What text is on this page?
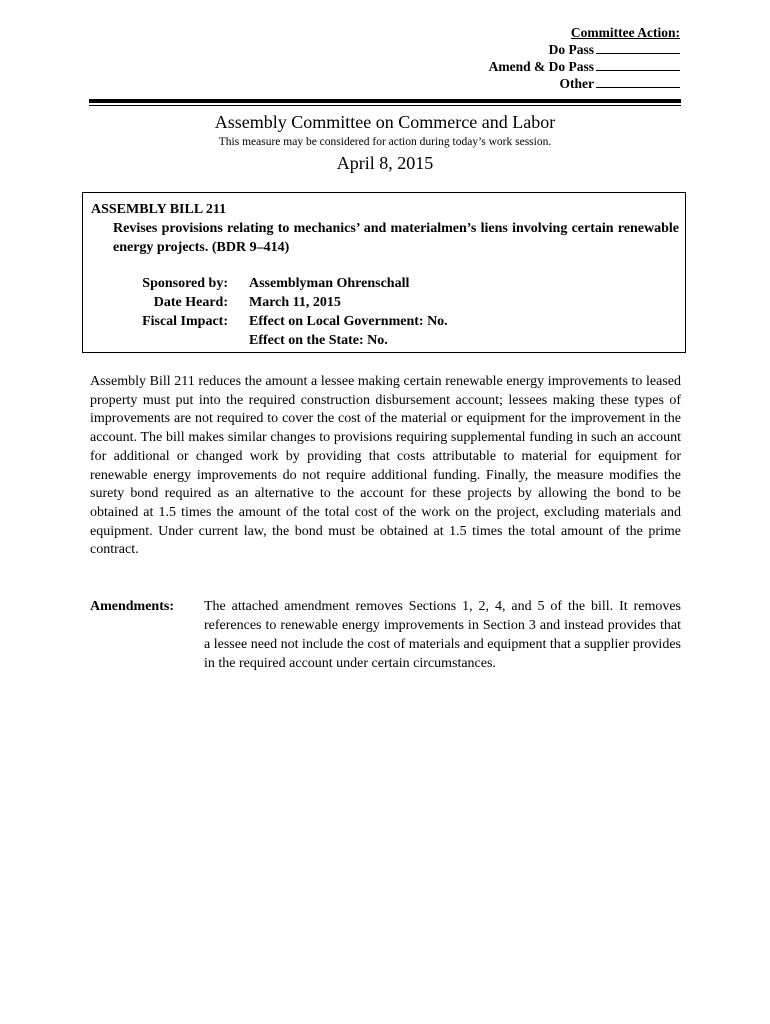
Committee Action:
Do Pass
Amend & Do Pass
Other
Assembly Committee on Commerce and Labor
This measure may be considered for action during today’s work session.
April 8, 2015
ASSEMBLY BILL 211
Revises provisions relating to mechanics’ and materialmen’s liens involving certain renewable energy projects. (BDR 9–414)
Sponsored by: Assemblyman Ohrenschall
Date Heard: March 11, 2015
Fiscal Impact: Effect on Local Government: No.
Effect on the State: No.
Assembly Bill 211 reduces the amount a lessee making certain renewable energy improvements to leased property must put into the required construction disbursement account; lessees making these types of improvements are not required to cover the cost of the material or equipment for the improvement in the account. The bill makes similar changes to provisions requiring supplemental funding in such an account for additional or changed work by providing that costs attributable to material for equipment for renewable energy improvements do not require additional funding. Finally, the measure modifies the surety bond required as an alternative to the account for these projects by allowing the bond to be obtained at 1.5 times the amount of the total cost of the work on the project, excluding materials and equipment. Under current law, the bond must be obtained at 1.5 times the total amount of the prime contract.
Amendments: The attached amendment removes Sections 1, 2, 4, and 5 of the bill. It removes references to renewable energy improvements in Section 3 and instead provides that a lessee need not include the cost of materials and equipment that a supplier provides in the required account under certain circumstances.
